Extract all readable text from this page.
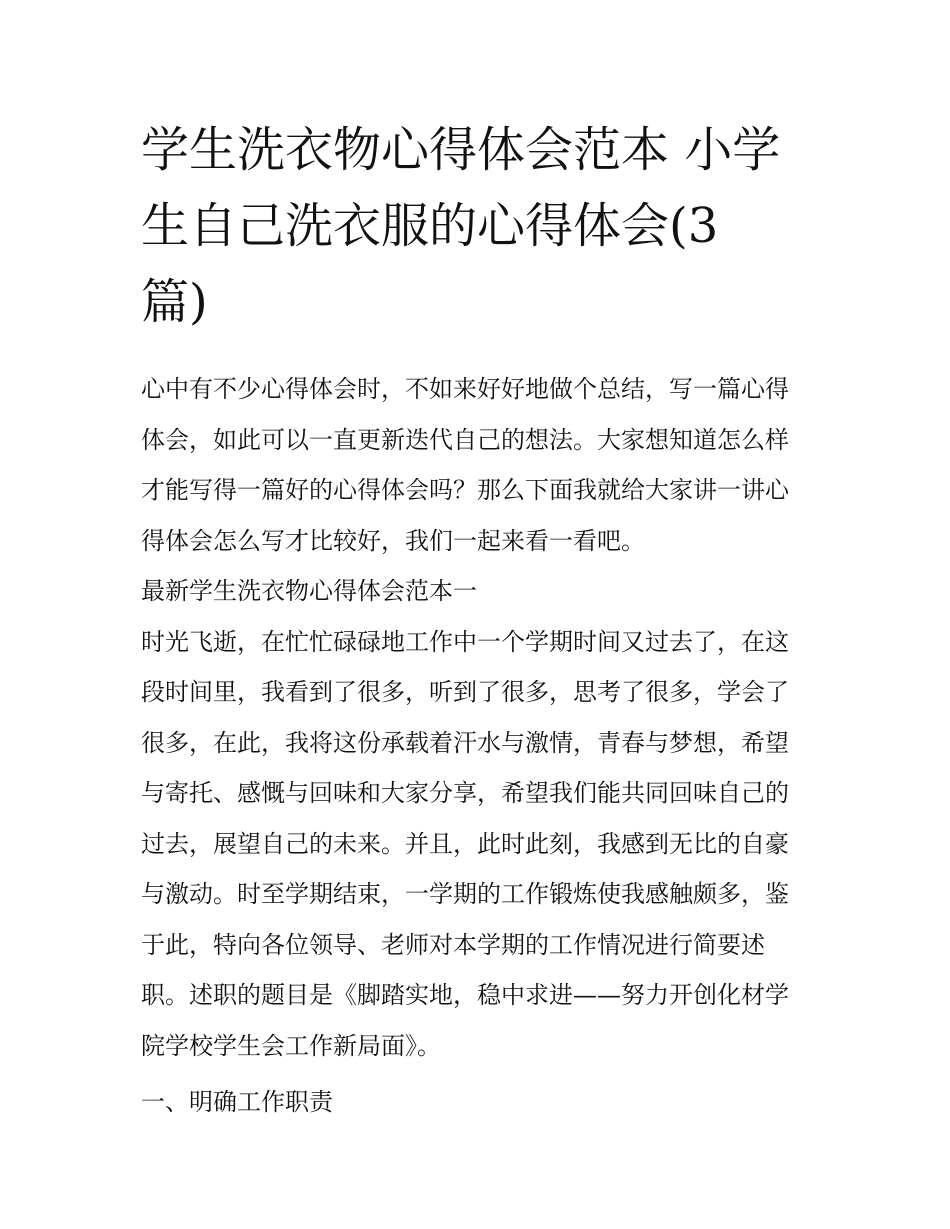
学生洗衣物心得体会范本 小学
生自己洗衣服的心得体会(3
篇)

心中有不少心得体会时，不如来好好地做个总结，写一篇心得
体会，如此可以一直更新迭代自己的想法。大家想知道怎么样
才能写得一篇好的心得体会吗？那么下面我就给大家讲一讲心
得体会怎么写才比较好，我们一起来看一看吧。

最新学生洗衣物心得体会范本一

时光飞逝，在忙忙碌碌地工作中一个学期时间又过去了，在这
段时间里，我看到了很多，听到了很多，思考了很多，学会了
很多，在此，我将这份承载着汗水与激情，青春与梦想，希望
与寄托、感慨与回味和大家分享，希望我们能共同回味自己的
过去，展望自己的未来。并且，此时此刻，我感到无比的自豪
与激动。时至学期结束，一学期的工作锻炼使我感触颇多，鉴
于此，特向各位领导、老师对本学期的工作情况进行简要述
职。述职的题目是《脚踏实地，稳中求进——努力开创化材学
院学校学生会工作新局面》。

一、明确工作职责
